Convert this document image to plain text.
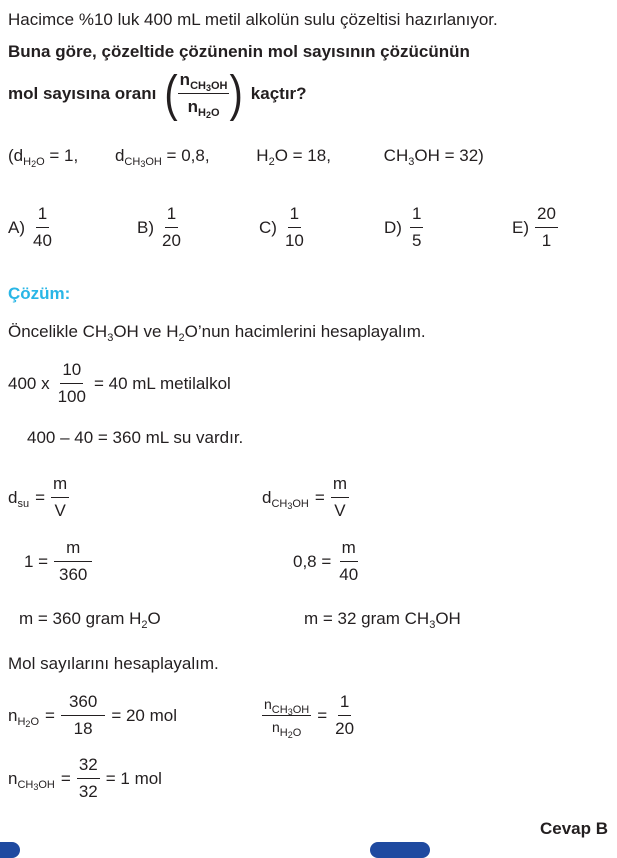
Hacimce %10 luk 400 mL metil alkolün sulu çözeltisi hazırlanıyor.
Buna göre, çözeltide çözünenin mol sayısının çözücünün
mol sayısına oranı ( $\frac{n_{CH_3OH}}{n_{H_2O}}$ ) kaçtır?
($d_{H_2O} = 1$, $d_{CH_3OH} = 0,8$,	$H_2O = 18$,	$CH_3OH = 32$)
$A) \frac{1}{40}$	$B) \frac{1}{20}$	$C) \frac{1}{10}$	$D) \frac{1}{5}$	$E) \frac{20}{1}$
Çözüm:
Öncelikle $CH_3OH$ ve $H_2O’nun$ hacimlerini hesaplayalım.
400 x $\frac{10}{100} = 40$ mL metilalkol
400 – 40 = 360 mL su vardır.
$d_{su} = \frac{m}{V}$	$d_{CH_3OH} = \frac{m}{V}$
$1 = \frac{m}{360}$	$0,8 = \frac{m}{40}$
m = 360 gram $H_2O$	m = 32 gram $CH_3OH$
Mol sayılarını hesaplayalım.
$n_{H_2O} = \frac{360}{18} = 20$ mol	$\frac{n_{CH_3OH}}{n_{H_2O}} = \frac{1}{20}$
$n_{CH_3OH} = \frac{32}{32} = 1$ mol
Cevap B
